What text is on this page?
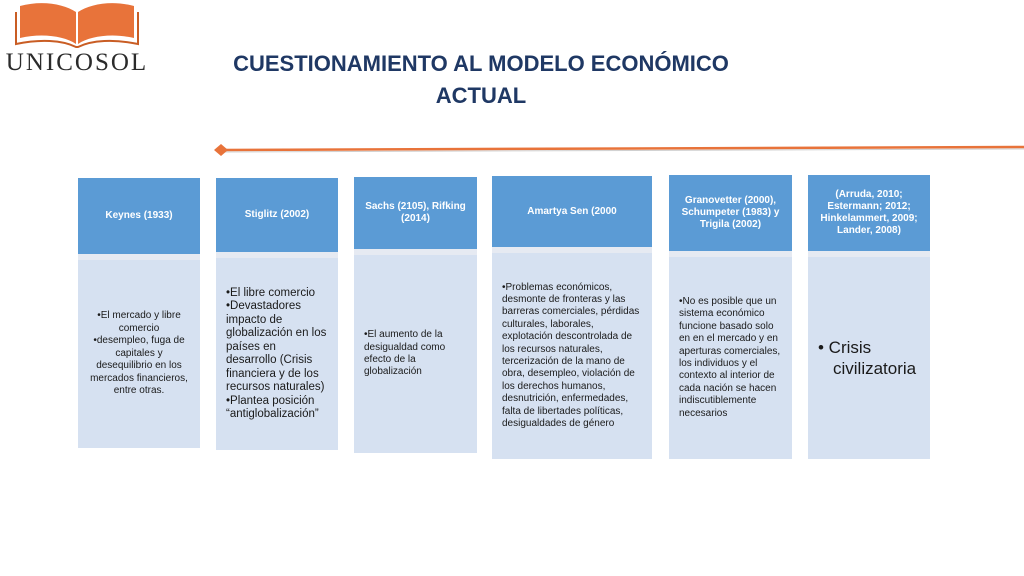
UNICOSOL	CUESTIONAMIENTO AL MODELO ECONÓMICO
ACTUAL
Keynes (1933)
•El mercado y libre comercio
•desempleo, fuga de capitales y desequilibrio en los mercados financieros, entre otras.
Stiglitz (2002)
•El libre comercio
•Devastadores impacto de globalización en los países en desarrollo (Crisis financiera y de los recursos naturales)
•Plantea posición “antiglobalización”
Sachs (2105), Rifking (2014)
•El aumento de la desigualdad como efecto de la globalización
Amartya Sen (2000
•Problemas económicos, desmonte de fronteras y las barreras comerciales, pérdidas culturales, laborales, explotación descontrolada de los recursos naturales, tercerización de la mano de obra, desempleo, violación de los derechos humanos, desnutrición, enfermedades, falta de libertades políticas, desigualdades de género
Granovetter (2000), Schumpeter (1983) y Trigila (2002)
•No es posible que un sistema económico funcione basado solo en en el mercado y en aperturas comerciales, los individuos y el contexto al interior de cada nación se hacen indiscutiblemente necesarios
(Arruda, 2010; Estermann; 2012; Hinkelammert, 2009; Lander, 2008)
• Crisis civilizatoria
